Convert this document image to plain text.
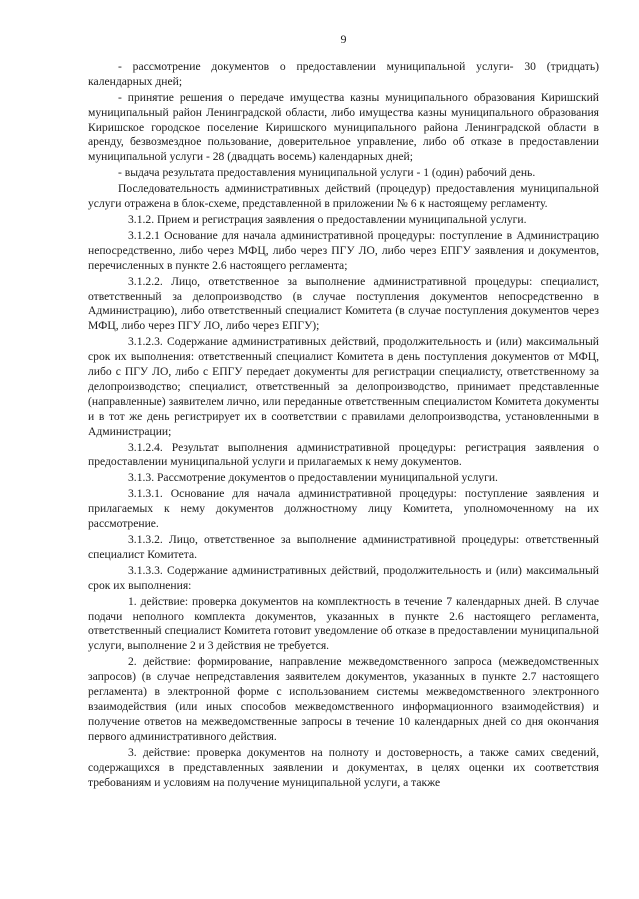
9

- рассмотрение документов о предоставлении муниципальной услуги- 30 (тридцать) календарных дней;

- принятие решения о передаче имущества казны муниципального образования Киришский муниципальный район Ленинградской области, либо имущества казны муниципального образования Киришское городское поселение Киришского муниципального района Ленинградской области в аренду, безвозмездное пользование, доверительное управление, либо об отказе в предоставлении муниципальной услуги - 28 (двадцать восемь) календарных дней;

- выдача результата предоставления муниципальной услуги - 1 (один) рабочий день.

Последовательность административных действий (процедур) предоставления муниципальной услуги отражена в блок-схеме, представленной в приложении № 6 к настоящему регламенту.

3.1.2. Прием и регистрация заявления о предоставлении муниципальной услуги.

3.1.2.1 Основание для начала административной процедуры: поступление в Администрацию непосредственно, либо через МФЦ, либо через ПГУ ЛО, либо через ЕПГУ заявления и документов, перечисленных в пункте 2.6 настоящего регламента;

3.1.2.2. Лицо, ответственное за выполнение административной процедуры: специалист, ответственный за делопроизводство (в случае поступления документов непосредственно в Администрацию), либо ответственный специалист Комитета (в случае поступления документов через МФЦ, либо через ПГУ ЛО, либо через ЕПГУ);

3.1.2.3. Содержание административных действий, продолжительность и (или) максимальный срок их выполнения: ответственный специалист Комитета в день поступления документов от МФЦ, либо с ПГУ ЛО, либо с ЕПГУ передает документы для регистрации специалисту, ответственному за делопроизводство; специалист, ответственный за делопроизводство, принимает представленные (направленные) заявителем лично, или переданные ответственным специалистом Комитета документы и в тот же день регистрирует их в соответствии с правилами делопроизводства, установленными в Администрации;

3.1.2.4. Результат выполнения административной процедуры: регистрация заявления о предоставлении муниципальной услуги и прилагаемых к нему документов.

3.1.3. Рассмотрение документов о предоставлении муниципальной услуги.

3.1.3.1. Основание для начала административной процедуры: поступление заявления и прилагаемых к нему документов должностному лицу Комитета, уполномоченному на их рассмотрение.

3.1.3.2. Лицо, ответственное за выполнение административной процедуры: ответственный специалист Комитета.

3.1.3.3. Содержание административных действий, продолжительность и (или) максимальный срок их выполнения:

1. действие: проверка документов на комплектность в течение 7 календарных дней. В случае подачи неполного комплекта документов, указанных в пункте 2.6 настоящего регламента, ответственный специалист Комитета готовит уведомление об отказе в предоставлении муниципальной услуги, выполнение 2 и 3 действия не требуется.

2. действие: формирование, направление межведомственного запроса (межведомственных запросов) (в случае непредставления заявителем документов, указанных в пункте 2.7 настоящего регламента) в электронной форме с использованием системы межведомственного электронного взаимодействия (или иных способов межведомственного информационного взаимодействия) и получение ответов на межведомственные запросы в течение 10 календарных дней со дня окончания первого административного действия.

3. действие: проверка документов на полноту и достоверность, а также самих сведений, содержащихся в представленных заявлении и документах, в целях оценки их соответствия требованиям и условиям на получение муниципальной услуги, а также
